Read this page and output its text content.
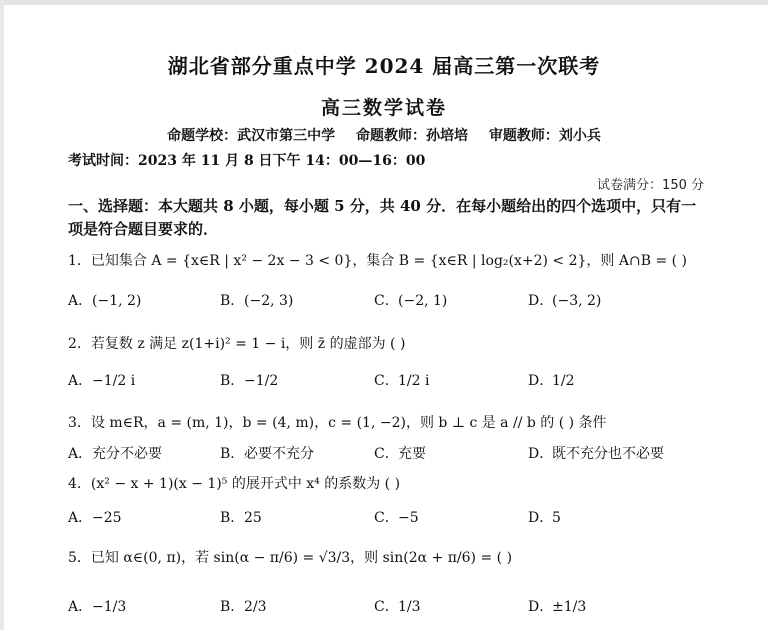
湖北省部分重点中学 2024 届高三第一次联考
高三数学试卷
命题学校：武汉市第三中学 命题教师：孙培培 审题教师：刘小兵
考试时间：2023 年 11 月 8 日下午 14：00—16：00
试卷满分：150 分
一、选择题：本大题共 8 小题，每小题 5 分，共 40 分．在每小题给出的四个选项中，只有一项是符合题目要求的．
1．已知集合 A = {x∈R | x² − 2x − 3 < 0}，集合 B = {x∈R | log₂(x+2) < 2}，则 A∩B = ( )
A．(−1, 2)	B．(−2, 3)	C．(−2, 1)	D．(−3, 2)
2．若复数 z 满足 z(1+i)² = 1 − i，则 z̄ 的虚部为 ( )
A．−1/2 i	B．−1/2	C．1/2 i	D．1/2
3．设 m∈R，a = (m, 1)，b = (4, m)，c = (1, −2)，则 b ⊥ c 是 a // b 的 ( ) 条件
A．充分不必要	B．必要不充分	C．充要	D．既不充分也不必要
4．(x² − x + 1)(x − 1)⁵ 的展开式中 x⁴ 的系数为 ( )
A．−25	B．25	C．−5	D．5
5．已知 α∈(0, π)，若 sin(α − π/6) = √3/3，则 sin(2α + π/6) = ( )
A．−1/3	B．2/3	C．1/3	D．±1/3
